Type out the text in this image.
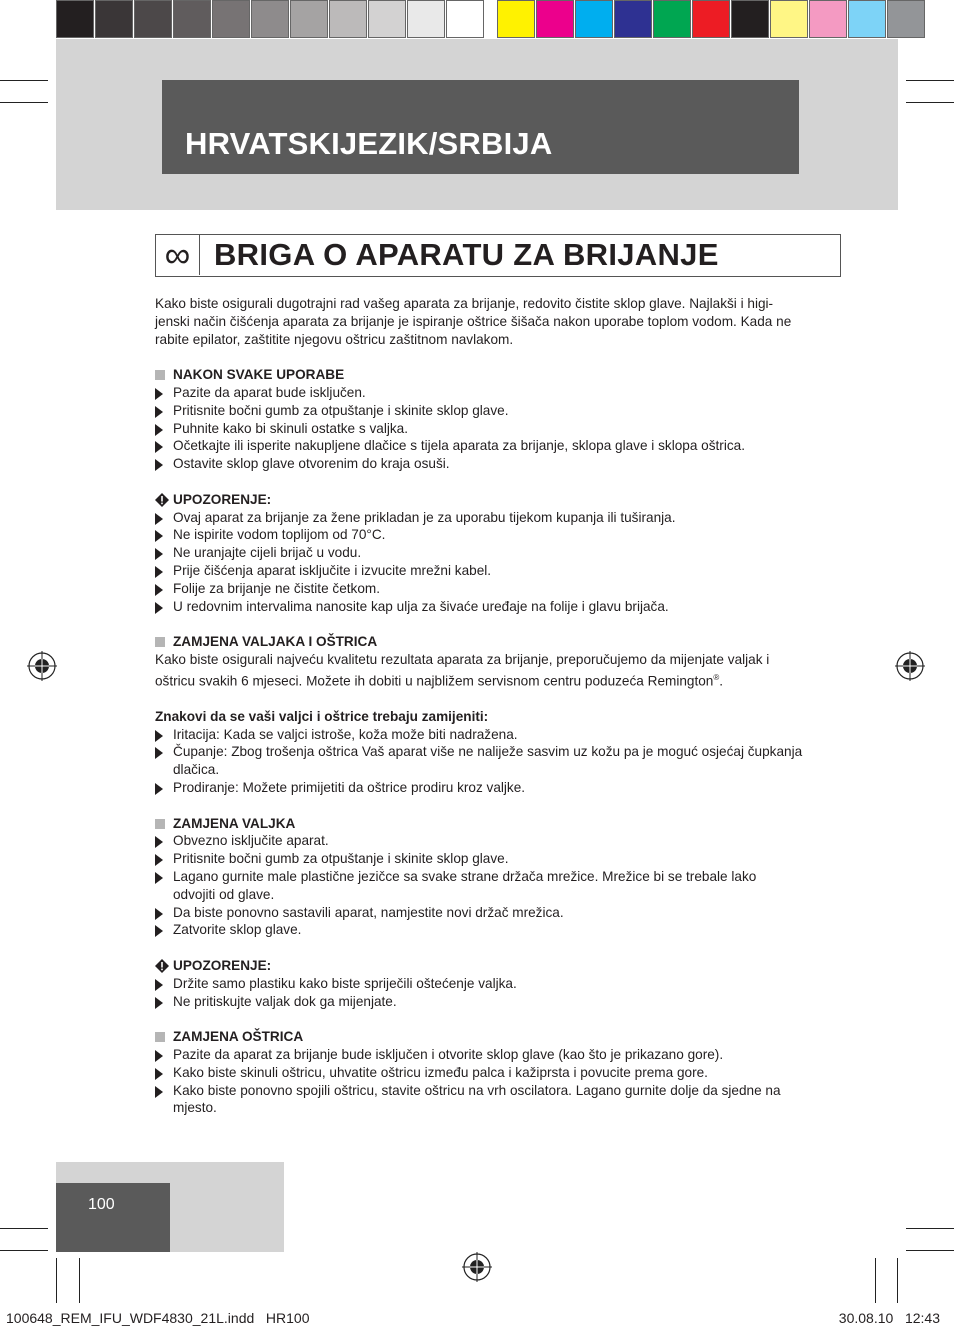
HRVATSKIJEZIK/SRBIJA
∞ BRIGA O APARATU ZA BRIJANJE

Kako biste osigurali dugotrajni rad vašeg aparata za brijanje, redovito čistite sklop glave. Najlakši i higi-

jenski način čišćenja aparata za brijanje je ispiranje oštrice šišača nakon uporabe toplom vodom. Kada ne

rabite epilator, zaštitite njegovu oštricu zaštitnom navlakom.

NAKON SVAKE UPORABE
Pazite da aparat bude isključen.
Pritisnite bočni gumb za otpuštanje i skinite sklop glave.
Puhnite kako bi skinuli ostatke s valjka.
Očetkajte ili isperite nakupljene dlačice s tijela aparata za brijanje, sklopa glave i sklopa oštrica.
Ostavite sklop glave otvorenim do kraja osuši.
UPOZORENJE:
Ovaj aparat za brijanje za žene prikladan je za uporabu tijekom kupanja ili tuširanja.
Ne ispirite vodom toplijom od 70°C.
Ne uranjajte cijeli brijač u vodu.
Prije čišćenja aparat isključite i izvucite mrežni kabel.
Folije za brijanje ne čistite četkom.
U redovnim intervalima nanosite kap ulja za šivaće uređaje na folije i glavu brijača.
ZAMJENA VALJAKA I OŠTRICA

Kako biste osigurali najveću kvalitetu rezultata aparata za brijanje, preporučujemo da mijenjate valjak i

oštricu svakih 6 mjeseci. Možete ih dobiti u najbližem servisnom centru poduzeća Remington®.

Znakovi da se vaši valjci i oštrice trebaju zamijeniti:

Iritacija: Kada se valjci istroše, koža može biti nadražena.
Čupanje: Zbog trošenja oštrica Vaš aparat više ne naliježe sasvim uz kožu pa je moguć osjećaj čupkanja
dlačica.
Prodiranje: Možete primijetiti da oštrice prodiru kroz valjke.
ZAMJENA VALJKA
Obvezno isključite aparat.
Pritisnite bočni gumb za otpuštanje i skinite sklop glave.
Lagano gurnite male plastične jezičce sa svake strane držača mrežice. Mrežice bi se trebale lako
odvojiti od glave.
Da biste ponovno sastavili aparat, namjestite novi držač mrežica.
Zatvorite sklop glave.
UPOZORENJE:
Držite samo plastiku kako biste spriječili oštećenje valjka.
Ne pritiskujte valjak dok ga mijenjate.
ZAMJENA OŠTRICA
Pazite da aparat za brijanje bude isključen i otvorite sklop glave (kao što je prikazano gore).
Kako biste skinuli oštricu, uhvatite oštricu između palca i kažiprsta i povucite prema gore.
Kako biste ponovno spojili oštricu, stavite oštricu na vrh oscilatora. Lagano gurnite dolje da sjedne na
mjesto.
100
100648_REM_IFU_WDF4830_21L.indd   HR100	30.08.10   12:43
